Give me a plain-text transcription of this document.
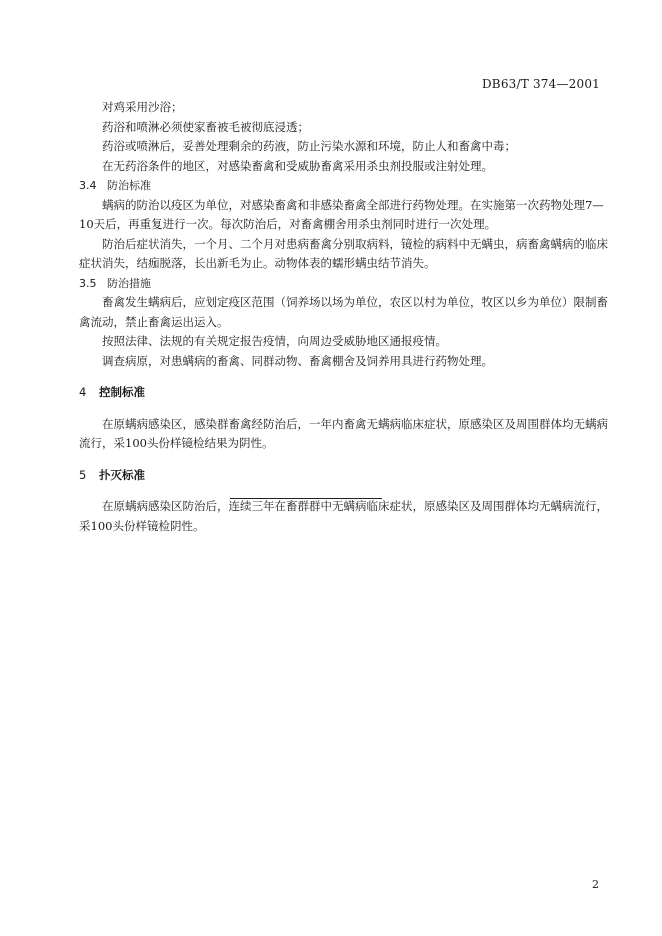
DB63/T 374—2001

对鸡采用沙浴；

药浴和喷淋必须使家畜被毛被彻底浸透；

药浴或喷淋后，妥善处理剩余的药液，防止污染水源和环境，防止人和畜禽中毒；

在无药浴条件的地区，对感染畜禽和受威胁畜禽采用杀虫剂投服或注射处理。

3.4 防治标准

螨病的防治以疫区为单位，对感染畜禽和非感染畜禽全部进行药物处理。在实施第一次药物处理7—10天后，再重复进行一次。每次防治后，对畜禽棚舍用杀虫剂同时进行一次处理。

防治后症状消失，一个月、二个月对患病畜禽分别取病料，镜检的病料中无螨虫，病畜禽螨病的临床症状消失，结痂脱落，长出新毛为止。动物体表的蠕形螨虫结节消失。

3.5 防治措施

畜禽发生螨病后，应划定疫区范围（饲养场以场为单位，农区以村为单位，牧区以乡为单位）限制畜禽流动，禁止畜禽运出运入。

按照法律、法规的有关规定报告疫情，向周边受威胁地区通报疫情。

调查病原，对患螨病的畜禽、同群动物、畜禽棚舍及饲养用具进行药物处理。

4 控制标准

在原螨病感染区，感染群畜禽经防治后，一年内畜禽无螨病临床症状，原感染区及周围群体均无螨病流行，采100头份样镜检结果为阴性。

5 扑灭标准

在原螨病感染区防治后，连续三年在畜群群中无螨病临床症状，原感染区及周围群体均无螨病流行，采100头份样镜检阴性。

2
